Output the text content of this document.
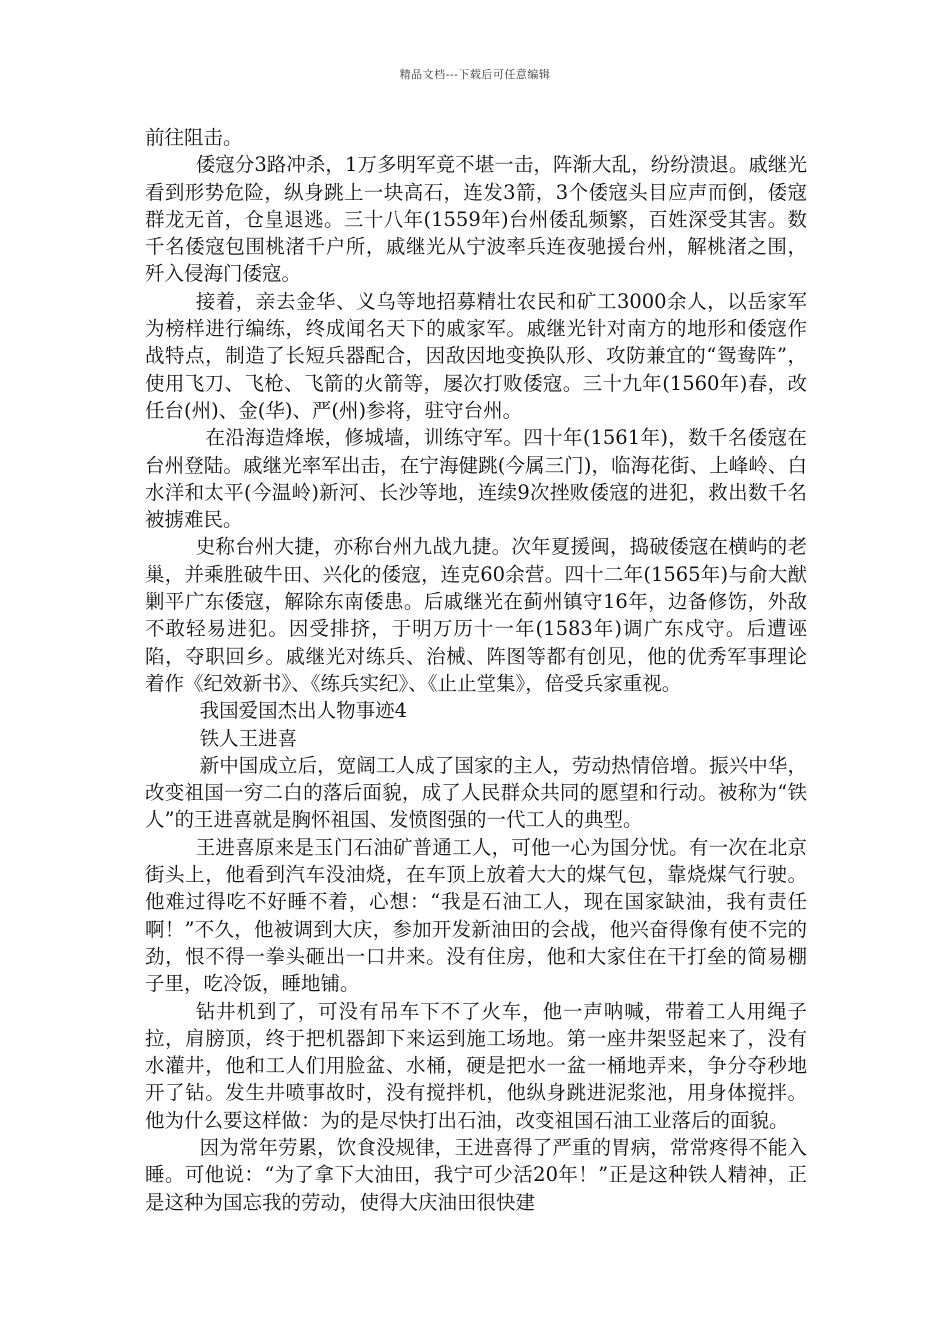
精品文档---下载后可任意编辑

前往阻击。

倭寇分3路冲杀，1万多明军竟不堪一击，阵渐大乱，纷纷溃退。戚继光看到形势危险，纵身跳上一块高石，连发3箭，3个倭寇头目应声而倒，倭寇群龙无首，仓皇退逃。三十八年(1559年)台州倭乱频繁，百姓深受其害。数千名倭寇包围桃渚千户所，戚继光从宁波率兵连夜驰援台州，解桃渚之围，歼入侵海门倭寇。

接着，亲去金华、义乌等地招募精壮农民和矿工3000余人，以岳家军为榜样进行编练，终成闻名天下的戚家军。戚继光针对南方的地形和倭寇作战特点，制造了长短兵器配合，因敌因地变换队形、攻防兼宜的“鸳鸯阵”，使用飞刀、飞枪、飞箭的火箭等，屡次打败倭寇。三十九年(1560年)春，改任台(州)、金(华)、严(州)参将，驻守台州。

在沿海造烽堠，修城墙，训练守军。四十年(1561年)，数千名倭寇在台州登陆。戚继光率军出击，在宁海健跳(今属三门)，临海花街、上峰岭、白水洋和太平(今温岭)新河、长沙等地，连续9次挫败倭寇的进犯，救出数千名被掳难民。

史称台州大捷，亦称台州九战九捷。次年夏援闽，捣破倭寇在横屿的老巢，并乘胜破牛田、兴化的倭寇，连克60余营。四十二年(1565年)与俞大猷剿平广东倭寇，解除东南倭患。后戚继光在蓟州镇守16年，边备修饬，外敌不敢轻易进犯。因受排挤，于明万历十一年(1583年)调广东戍守。后遭诬陷，夺职回乡。戚继光对练兵、治械、阵图等都有创见，他的优秀军事理论着作《纪效新书》、《练兵实纪》、《止止堂集》，倍受兵家重视。

我国爱国杰出人物事迹4

铁人王进喜

新中国成立后，宽阔工人成了国家的主人，劳动热情倍增。振兴中华，改变祖国一穷二白的落后面貌，成了人民群众共同的愿望和行动。被称为“铁人”的王进喜就是胸怀祖国、发愤图强的一代工人的典型。

王进喜原来是玉门石油矿普通工人，可他一心为国分忧。有一次在北京街头上，他看到汽车没油烧，在车顶上放着大大的煤气包，靠烧煤气行驶。他难过得吃不好睡不着，心想：“我是石油工人，现在国家缺油，我有责任啊！”不久，他被调到大庆，参加开发新油田的会战，他兴奋得像有使不完的劲，恨不得一拳头砸出一口井来。没有住房，他和大家住在干打垒的简易棚子里，吃冷饭，睡地铺。

钻井机到了，可没有吊车下不了火车，他一声呐喊，带着工人用绳子拉，肩膀顶，终于把机器卸下来运到施工场地。第一座井架竖起来了，没有水灌井，他和工人们用脸盆、水桶，硬是把水一盆一桶地弄来，争分夺秒地开了钻。发生井喷事故时，没有搅拌机，他纵身跳进泥浆池，用身体搅拌。他为什么要这样做：为的是尽快打出石油，改变祖国石油工业落后的面貌。

因为常年劳累，饮食没规律，王进喜得了严重的胃病，常常疼得不能入睡。可他说：“为了拿下大油田，我宁可少活20年！”正是这种铁人精神，正是这种为国忘我的劳动，使得大庆油田很快建
